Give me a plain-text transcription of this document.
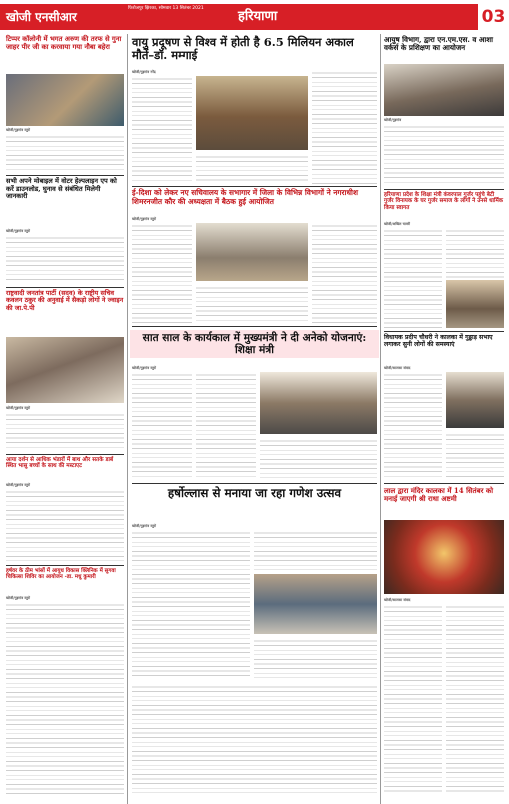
खोजी एनसीआर
फिरोजपुर झिरका, सोमवार 13 सितंबर 2021
हरियाणा	03
टिप्पर कॉलोनी में भगत अरुण की तरफ से गुना जाहर पीर जी का करवाया गया नौबा बहेरा
खोजी/गुड़गांव ब्यूरो
सभी अपने मोबाइल में वोटर हेल्पलाइन एप को करें डाउनलोड, घुनाव से संबंधित मिलेगी जानकारी
खोजी/गुड़गांव ब्यूरो
राष्ट्रवादी जनतांत्र पार्टी (सदव) के राष्ट्रीय सचिव कवलन ठकुर की अनुवाई में सैकड़ो लोगों ने ज्वाइन की जा.पे.पी
खोजी/गुड़गांव ब्यूरो
आया दर्शन से आधिक भंडारों में बाथ और सतके डार्ब स्थित भासु बच्चों के साथ की मस्टाएट
खोजी/गुड़गांव ब्यूरो
हर्षवर के ठीम भांसों में आयुध विकास क्लिनिक में सुगवा चिकित्सा शिविर का आयोजन -डा. मधु कुमारी
खोजी/गुड़गांव ब्यूरो
वायु प्रदूषण से विश्व में होती है 6.5 मिलियन अकाल मौतें–डॉ. मम्गाई
खोजी/गुड़गांव नरेंद्र
ई-दिशा को लेकर नए सचिवालय के सभागार में जिला के विभिन्न विभागों ने नगराधीश शिमरनजीत कौर की अध्यक्षता में बैठक हुई आयोजित
खोजी/गुड़गांव ब्यूरो
सात साल के कार्यकाल में मुख्यमंत्री ने दी अनेको योजनाएं: शिक्षा मंत्री
खोजी/गुड़गांव ब्यूरो
हर्षोल्लास से मनाया जा रहा गणेश उत्सव
खोजी/गुड़गांव ब्यूरो
आयुष विभाग, द्वारा एन.एम.एस. व आशा वर्कर्स के प्रशिक्षण का आयोजन
खोजी/गुड़गांव
हरियाणा प्रदेश के शिक्षा मंत्री कंवरपाल गुर्जर पहुंचे बेटी गुर्जर विनायक के घर गुर्जर समाज के लोगों ने उनसे धार्मिक किया स्वागत
खोजी/अखिल चावरी
विधायक प्रदीप चौधरी ने कालका में गुड्डाड़ सभाए लगाकर सुनी लोगों की समस्याएं
खोजी/कालका संवाद
लाल द्वारा मंदिर कालका में 14 सितंबर को मनाई जाएगी श्री राधा अष्टमी
खोजी/कालका संवाद
